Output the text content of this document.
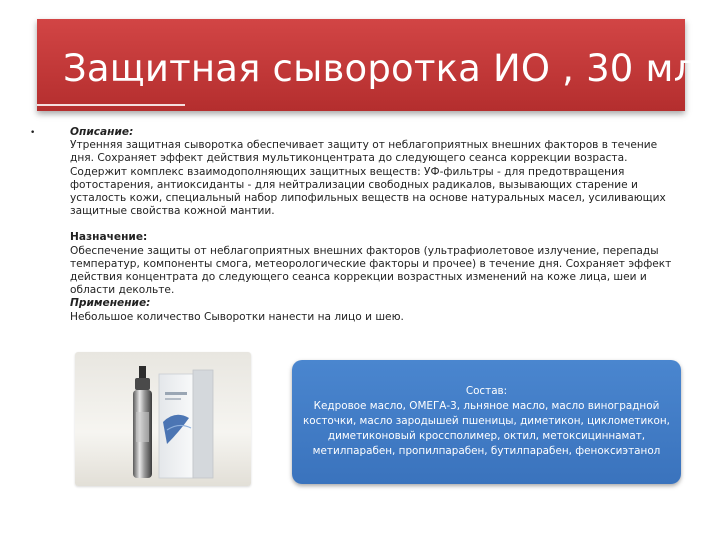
Защитная сыворотка ИО , 30 мл
•	Описание:
Утренняя защитная сыворотка обеспечивает защиту от неблагоприятных внешних факторов в течение дня. Сохраняет эффект действия мультиконцентрата до следующего сеанса коррекции возраста. Содержит комплекс взаимодополняющих защитных веществ: УФ-фильтры - для предотвращения фотостарения, антиоксиданты - для нейтрализации свободных радикалов, вызывающих старение и усталость кожи, специальный набор липофильных веществ на основе натуральных масел, усиливающих защитные свойства кожной мантии.
Назначение:
Обеспечение защиты от неблагоприятных внешних факторов (ультрафиолетовое излучение, перепады температур, компоненты смога, метеорологические факторы и прочее) в течение дня. Сохраняет эффект действия концентрата до следующего сеанса коррекции возрастных изменений на коже лица, шеи и области декольте.
Применение:
Небольшое количество Сыворотки нанести на лицо и шею.
Состав:
Кедровое масло, ОМЕГА-3, льняное масло, масло виноградной
косточки, масло зародышей пшеницы, диметикон, циклометикон,
диметиконовый кроссполимер, октил, метоксициннамат,
метилпарабен, пропилпарабен, бутилпарабен, феноксиэтанол
